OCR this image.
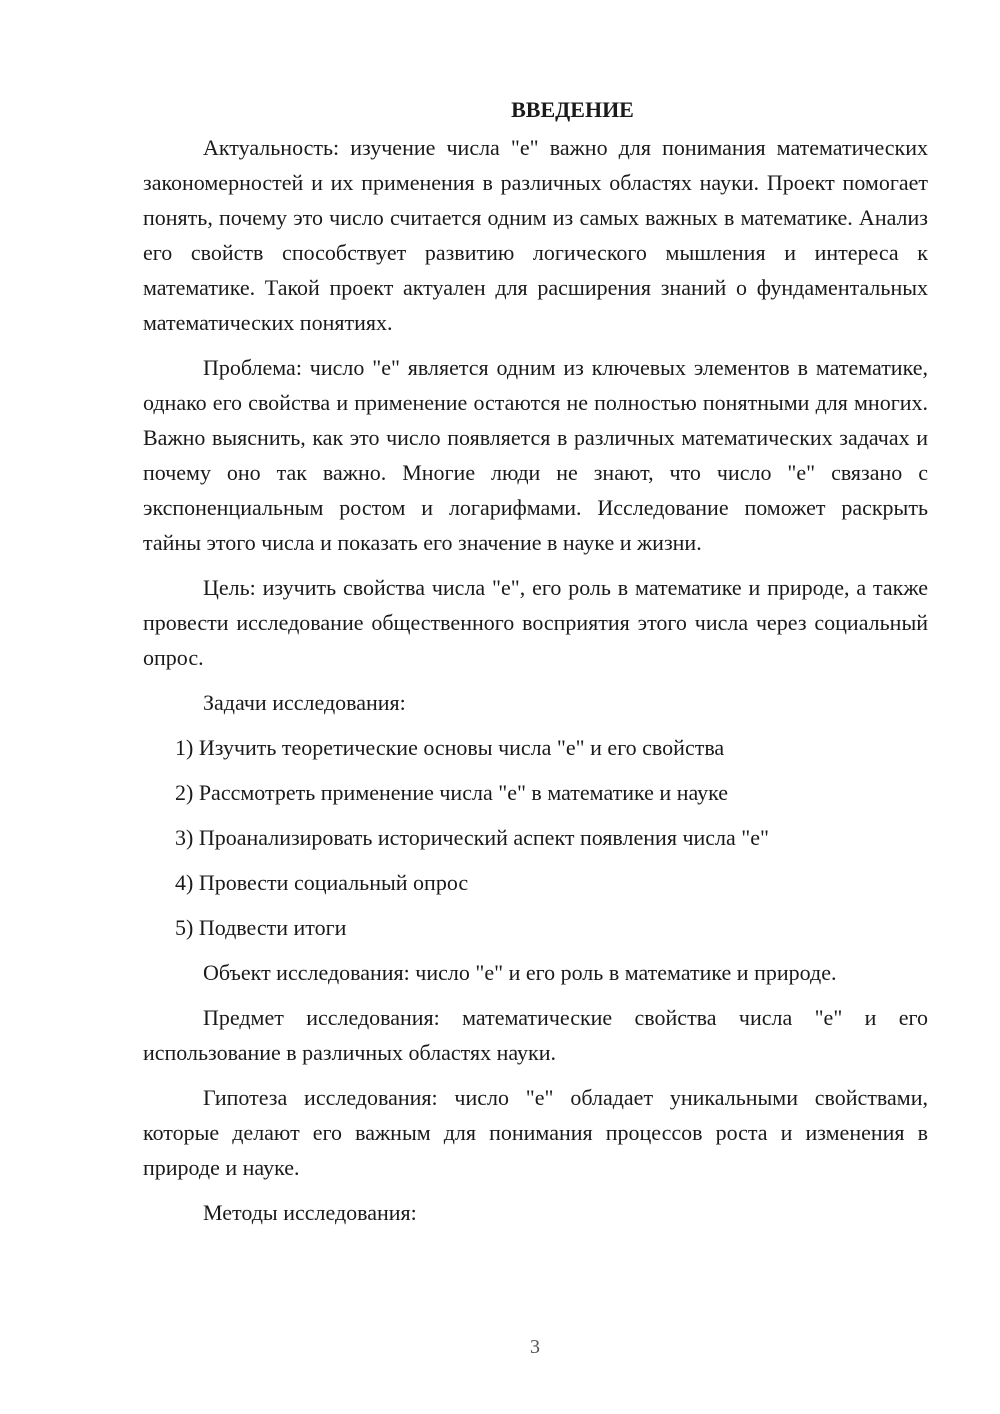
ВВЕДЕНИЕ

Актуальность: изучение числа "e" важно для понимания математических закономерностей и их применения в различных областях науки. Проект помогает понять, почему это число считается одним из самых важных в математике. Анализ его свойств способствует развитию логического мышления и интереса к математике. Такой проект актуален для расширения знаний о фундаментальных математических понятиях.

Проблема: число "e" является одним из ключевых элементов в математике, однако его свойства и применение остаются не полностью понятными для многих. Важно выяснить, как это число появляется в различных математических задачах и почему оно так важно. Многие люди не знают, что число "e" связано с экспоненциальным ростом и логарифмами. Исследование поможет раскрыть тайны этого числа и показать его значение в науке и жизни.

Цель: изучить свойства числа "e", его роль в математике и природе, а также провести исследование общественного восприятия этого числа через социальный опрос.

Задачи исследования:

1) Изучить теоретические основы числа "e" и его свойства
2) Рассмотреть применение числа "e" в математике и науке
3) Проанализировать исторический аспект появления числа "e"
4) Провести социальный опрос
5) Подвести итоги

Объект исследования: число "e" и его роль в математике и природе.

Предмет исследования: математические свойства числа "e" и его использование в различных областях науки.

Гипотеза исследования: число "e" обладает уникальными свойствами, которые делают его важным для понимания процессов роста и изменения в природе и науке.

Методы исследования:

3
